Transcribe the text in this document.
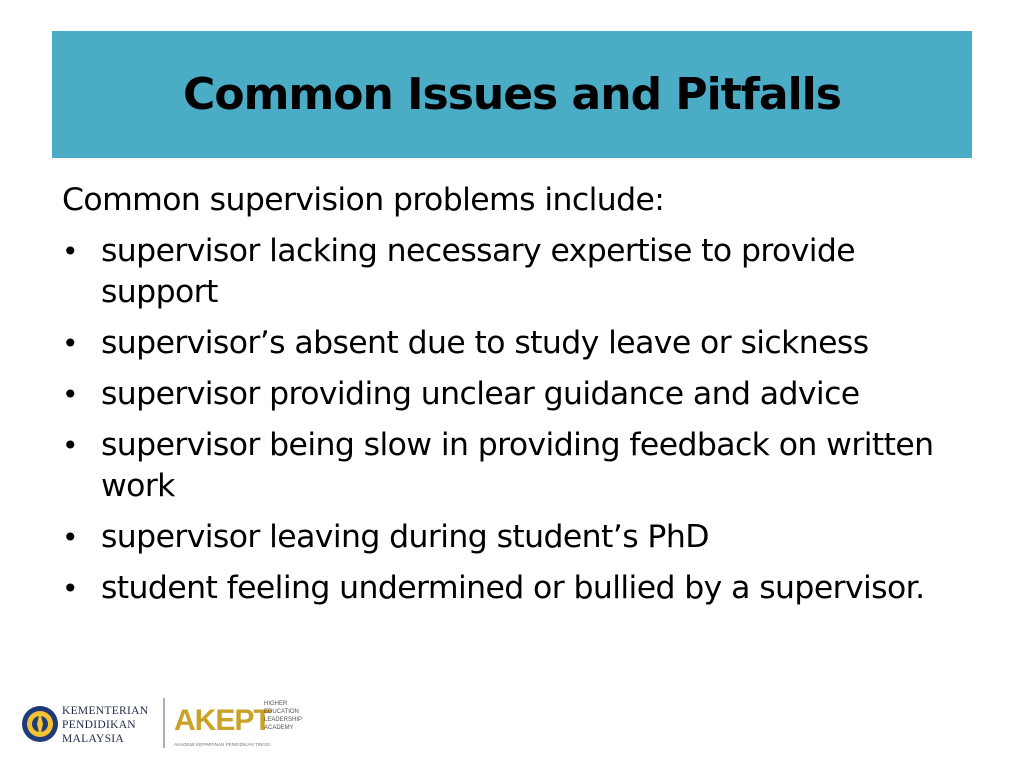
Common Issues and Pitfalls

Common supervision problems include:

• supervisor lacking necessary expertise to provide support
• supervisor’s absent due to study leave or sickness
• supervisor providing unclear guidance and advice
• supervisor being slow in providing feedback on written work
• supervisor leaving during student’s PhD
• student feeling undermined or bullied by a supervisor.
KEMENTERIAN
PENDIDIKAN
MALAYSIA
AKEPT
HIGHER
EDUCATION
LEADERSHIP
ACADEMY
AKADEMI KEPIMPINAN PENDIDIKAN TINGGI
